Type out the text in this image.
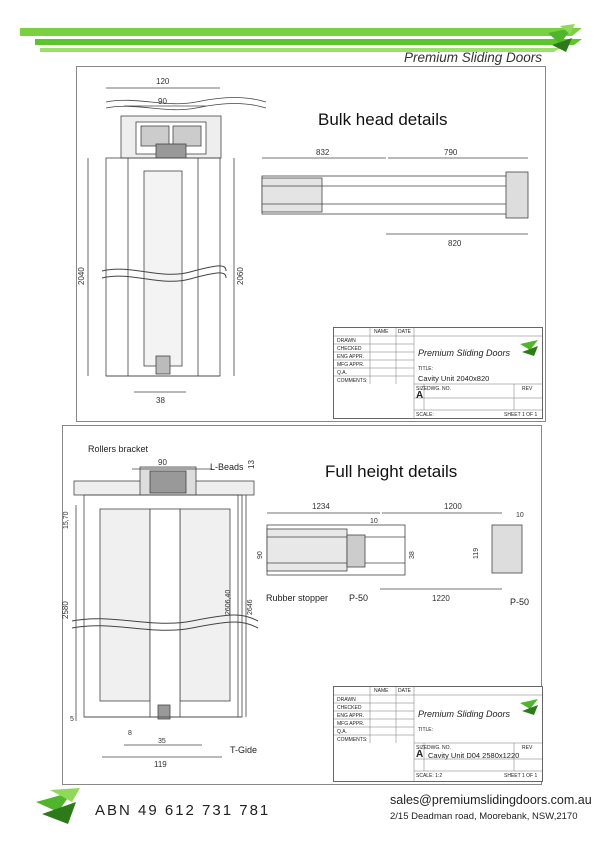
Premium Sliding Doors
Bulk head details
120
90
2040	2060
38
832	790
820
NAME DATE
DRAWN
CHECKED
ENG APPR.
MFG APPR.
Q.A.
COMMENTS:
Premium Sliding Doors
TITLE:
Cavity Unit 2040x820
SIZE DWG. NO.	REV
A
SCALE:	SHEET 1 OF 1
Full height details
90	13
15,70
2580	2606,40 2646
5
8
35
119
1234	1200
10
10
90	38	119
1220
Rollers bracket
L-Beads
Rubber stopper P-50	P-50
T-Gide
NAME DATE
DRAWN
CHECKED
ENG APPR.
MFG APPR.
Q.A.
COMMENTS:
Premium Sliding Doors
TITLE:
SIZE DWG. NO.	REV
A Cavity Unit D04 2580x1220
SCALE: 1:2	SHEET 1 OF 1
ABN 49 612 731 781
sales@premiumslidingdoors.com.au
2/15 Deadman road, Moorebank, NSW,2170
